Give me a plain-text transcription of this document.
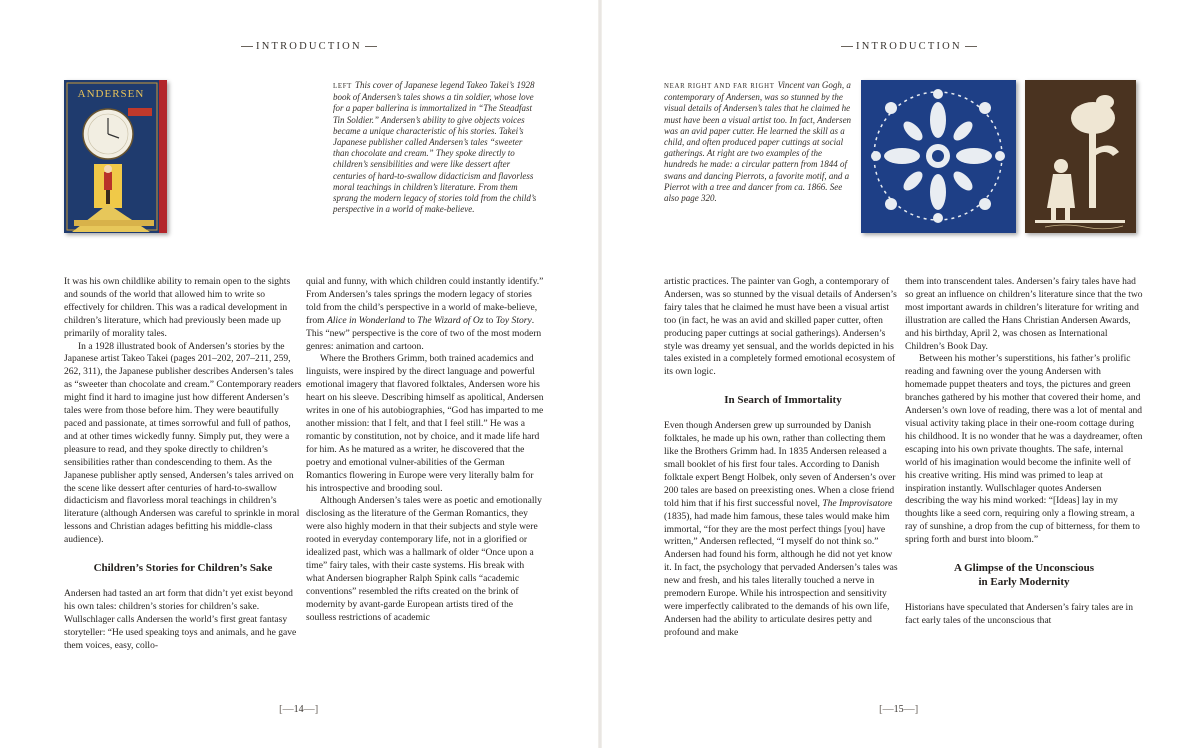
INTRODUCTION
ANDERSEN

LEFT This cover of Japanese legend Takeo Takei’s 1928 book of Andersen’s tales shows a tin soldier, whose love for a paper ballerina is immortalized in “The Steadfast Tin Soldier.” Andersen’s ability to give objects voices became a unique characteristic of his stories. Takei’s Japanese publisher called Andersen’s tales “sweeter than chocolate and cream.” They spoke directly to children’s sensibilities and were like dessert after centuries of hard-to-swallow didacticism and flavorless moral teachings in children’s literature. From them sprang the modern legacy of stories told from the child’s perspective in a world of make-believe.

It was his own childlike ability to remain open to the sights and sounds of the world that allowed him to write so effectively for children. This was a radical development in children’s literature, which had previously been made up primarily of morality tales.

In a 1928 illustrated book of Andersen’s stories by the Japanese artist Takeo Takei (pages 201–202, 207–211, 259, 262, 311), the Japanese publisher describes Andersen’s tales as “sweeter than chocolate and cream.” Contemporary readers might find it hard to imagine just how different Andersen’s tales were from those before him. They were beautifully paced and passionate, at times sorrowful and full of pathos, and at other times wickedly funny. Simply put, they were a pleasure to read, and they spoke directly to children’s sensibilities rather than condescending to them. As the Japanese publisher aptly sensed, Andersen’s tales arrived on the scene like dessert after centuries of hard-to-swallow didacticism and flavorless moral teachings in children’s literature (although Andersen was careful to sprinkle in moral lessons and Christian adages befitting his middle-class audience).

Children’s Stories for Children’s Sake

Andersen had tasted an art form that didn’t yet exist beyond his own tales: children’s stories for children’s sake. Wullschlager calls Andersen the world’s first great fantasy storyteller: “He used speaking toys and animals, and he gave them voices, easy, collo-

quial and funny, with which children could instantly identify.” From Andersen’s tales springs the modern legacy of stories told from the child’s perspective in a world of make-believe, from Alice in Wonderland to The Wizard of Oz to Toy Story. This “new” perspective is the core of two of the most modern genres: animation and cartoon.

Where the Brothers Grimm, both trained academics and linguists, were inspired by the direct language and powerful emotional imagery that flavored folktales, Andersen wore his heart on his sleeve. Describing himself as apolitical, Andersen writes in one of his autobiographies, “God has imparted to me another mission: that I felt, and that I feel still.” He was a romantic by constitution, not by choice, and it made life hard for him. As he matured as a writer, he discovered that the poetry and emotional vulner-abilities of the German Romantics flowering in Europe were very literally balm for his introspective and brooding soul.

Although Andersen’s tales were as poetic and emotionally disclosing as the literature of the German Romantics, they were also highly modern in that their subjects and style were rooted in everyday contemporary life, not in a glorified or idealized past, which was a hallmark of older “Once upon a time” fairy tales, with their caste systems. His break with what Andersen biographer Ralph Spink calls “academic conventions” resembled the rifts created on the brink of modernity by avant-garde European artists tired of the soulless restrictions of academic

[—14—]
INTRODUCTION

NEAR RIGHT AND FAR RIGHT Vincent van Gogh, a contemporary of Andersen, was so stunned by the visual details of Andersen’s tales that he claimed he must have been a visual artist too. In fact, Andersen was an avid paper cutter. He learned the skill as a child, and often produced paper cuttings at social gatherings. At right are two examples of the hundreds he made: a circular pattern from 1844 of swans and dancing Pierrots, a favorite motif, and a Pierrot with a tree and dancer from ca. 1866. See also page 320.

artistic practices. The painter van Gogh, a contemporary of Andersen, was so stunned by the visual details of Andersen’s fairy tales that he claimed he must have been a visual artist too (in fact, he was an avid and skilled paper cutter, often producing paper cuttings at social gatherings). Andersen’s style was dreamy yet sensual, and the worlds depicted in his tales existed in a completely formed emotional ecosystem of its own logic.

In Search of Immortality

Even though Andersen grew up surrounded by Danish folktales, he made up his own, rather than collecting them like the Brothers Grimm had. In 1835 Andersen released a small booklet of his first four tales. According to Danish folktale expert Bengt Holbek, only seven of Andersen’s over 200 tales are based on preexisting ones. When a close friend told him that if his first successful novel, The Improvisatore (1835), had made him famous, these tales would make him immortal, “for they are the most perfect things [you] have written,” Andersen reflected, “I myself do not think so.” Andersen had found his form, although he did not yet know it. In fact, the psychology that pervaded Andersen’s tales was new and fresh, and his tales literally touched a nerve in premodern Europe. While his introspection and sensitivity were imperfectly calibrated to the demands of his own life, Andersen had the ability to articulate desires petty and profound and make

them into transcendent tales. Andersen’s fairy tales have had so great an influence on children’s literature since that the two most important awards in children’s literature for writing and illustration are called the Hans Christian Andersen Awards, and his birthday, April 2, was chosen as International Children’s Book Day.

Between his mother’s superstitions, his father’s prolific reading and fawning over the young Andersen with homemade puppet theaters and toys, the pictures and green branches gathered by his mother that covered their home, and Andersen’s own love of reading, there was a lot of mental and visual activity taking place in their one-room cottage during his childhood. It is no wonder that he was a daydreamer, often escaping into his own private thoughts. The safe, internal world of his imagination would become the infinite well of his creative writing. His mind was primed to leap at inspiration instantly. Wullschlager quotes Andersen describing the way his mind worked: “[Ideas] lay in my thoughts like a seed corn, requiring only a flowing stream, a ray of sunshine, a drop from the cup of bitterness, for them to spring forth and burst into bloom.”

A Glimpse of the Unconscious
in Early Modernity

Historians have speculated that Andersen’s fairy tales are in fact early tales of the unconscious that

[—15—]
